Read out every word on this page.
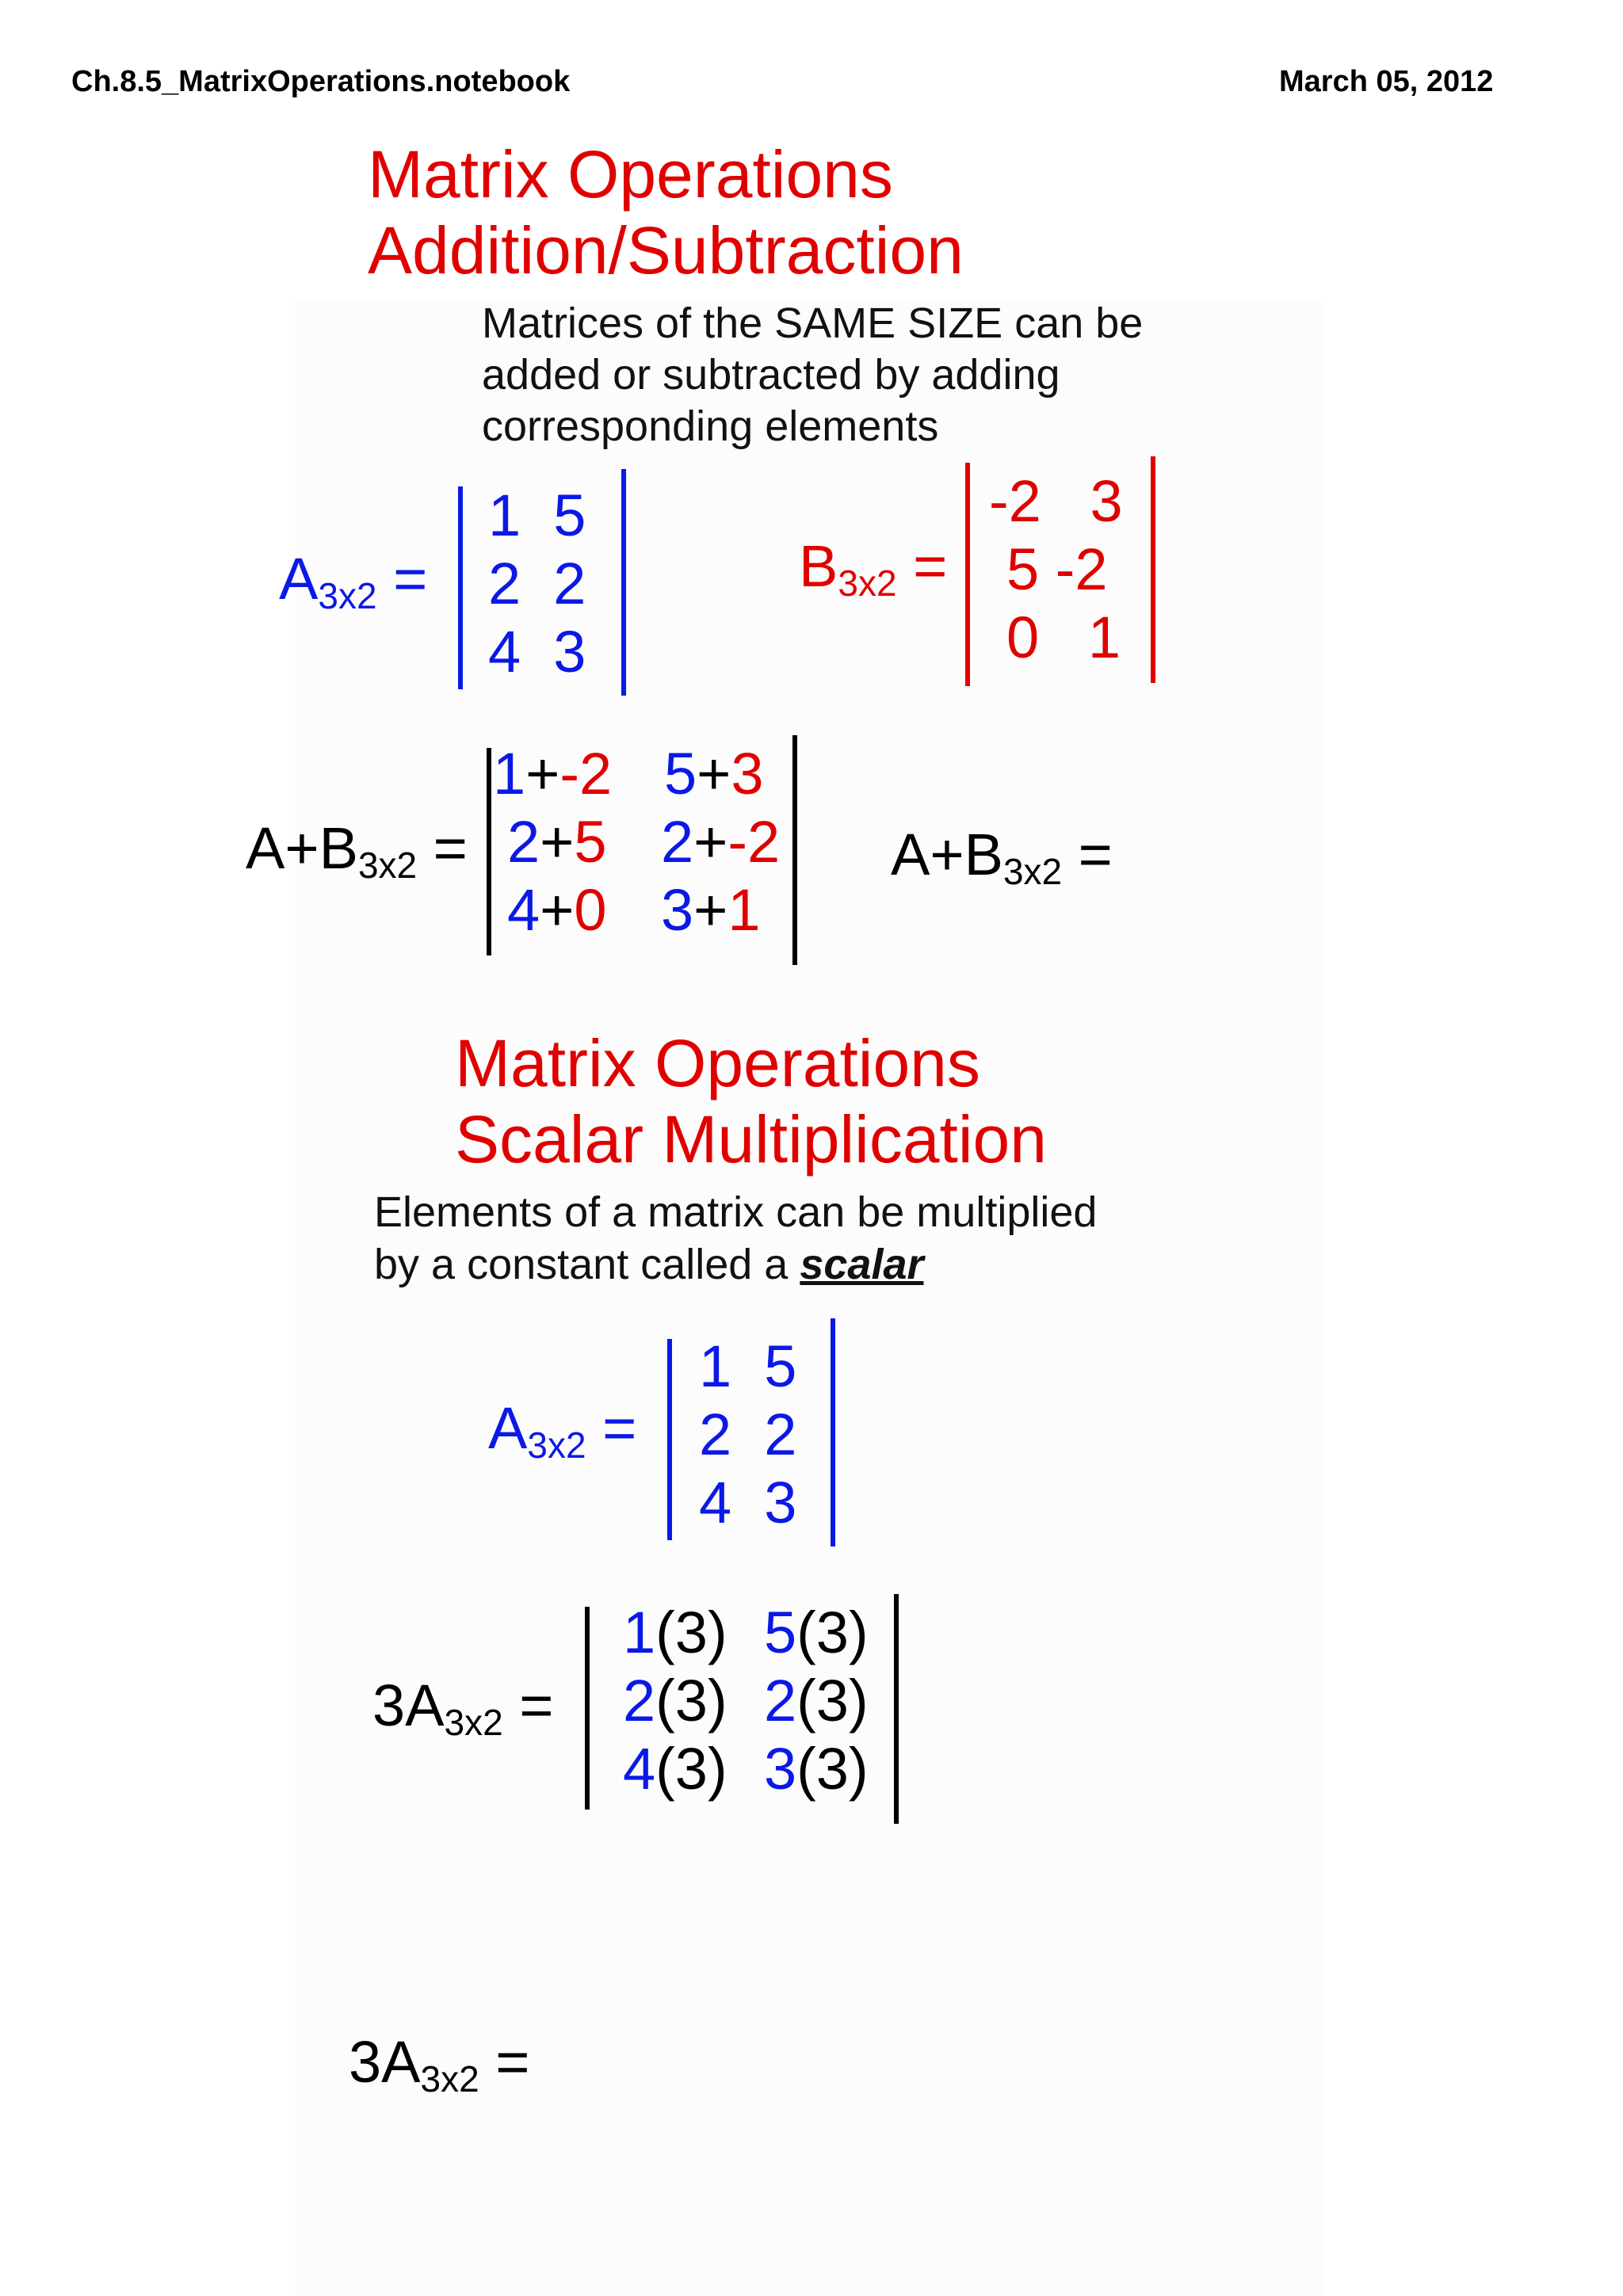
Ch.8.5_MatrixOperations.notebook	March 05, 2012
Matrix Operations
Addition/Subtraction
Matrices of the SAME SIZE can be
added or subtracted by adding
corresponding elements
$A_{3x2}$ =
1 5
2 2
4 3
$B_{3x2}$ =
-2 3
5 -2
0 1
$A+B_{3x2}$ =
1+-2 5+3
2+5 2+-2
4+0 3+1
$A+B_{3x2}$ =
Matrix Operations
Scalar Multiplication
Elements of a matrix can be multiplied
by a constant called a scalar
$A_{3x2}$ =
1 5
2 2
4 3
$3A_{3x2}$ =
1(3) 5(3)
2(3) 2(3)
4(3) 3(3)
$3A_{3x2}$ =
